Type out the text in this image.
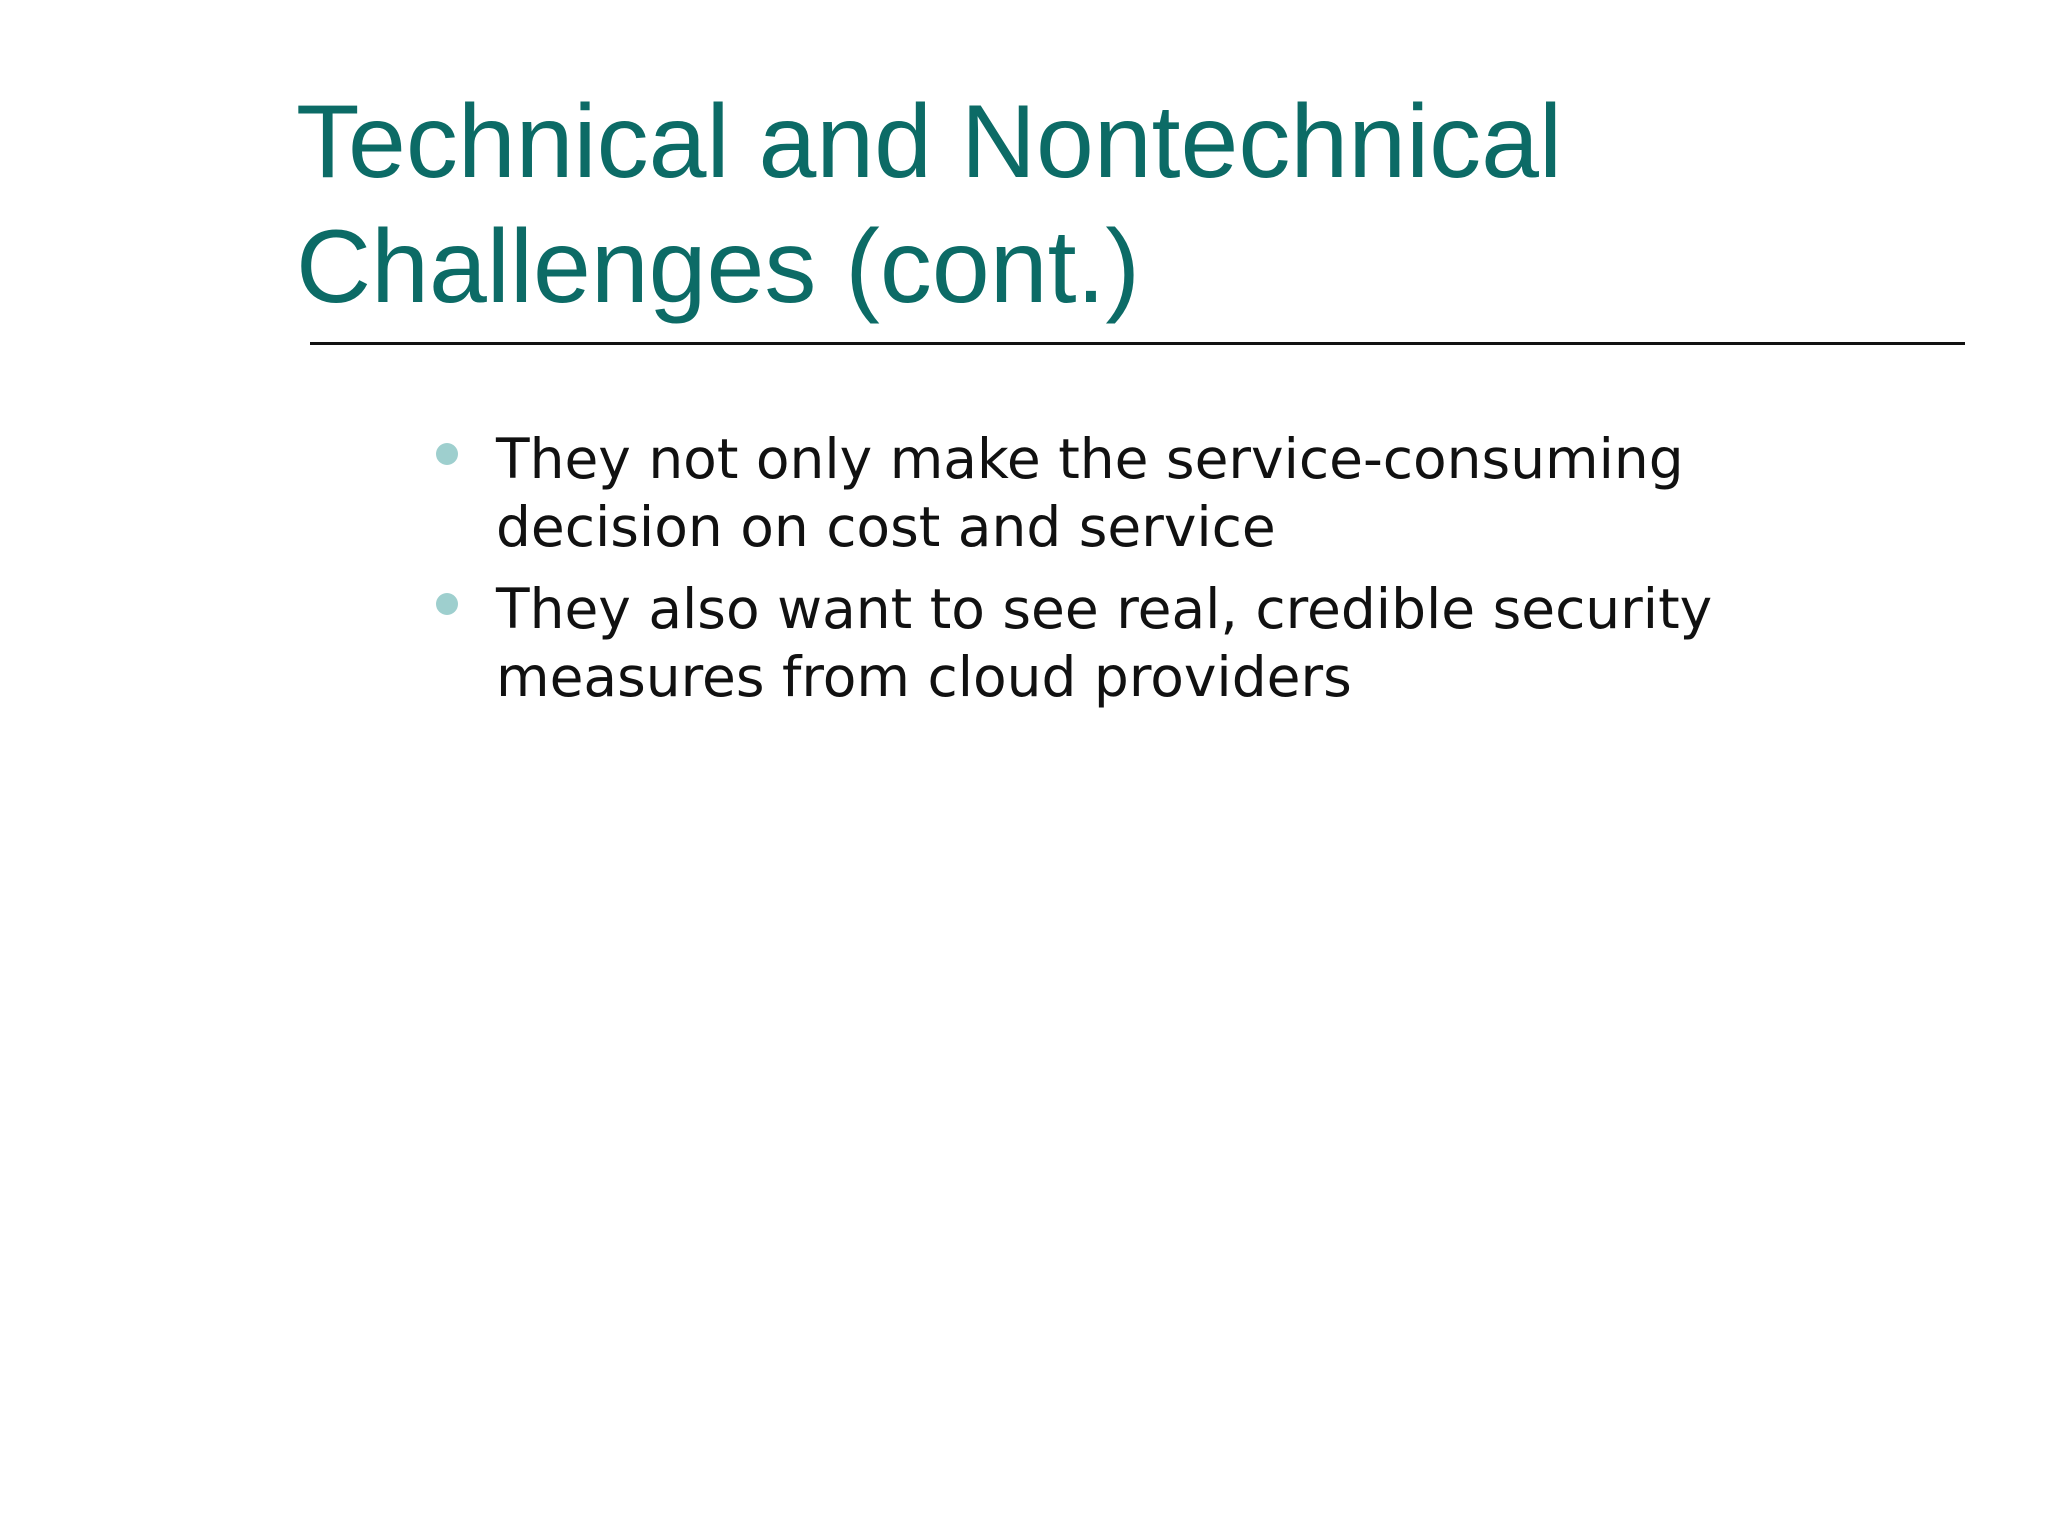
Technical and Nontechnical
Challenges (cont.)
They not only make the service-consuming
decision on cost and service
They also want to see real, credible security
measures from cloud providers
